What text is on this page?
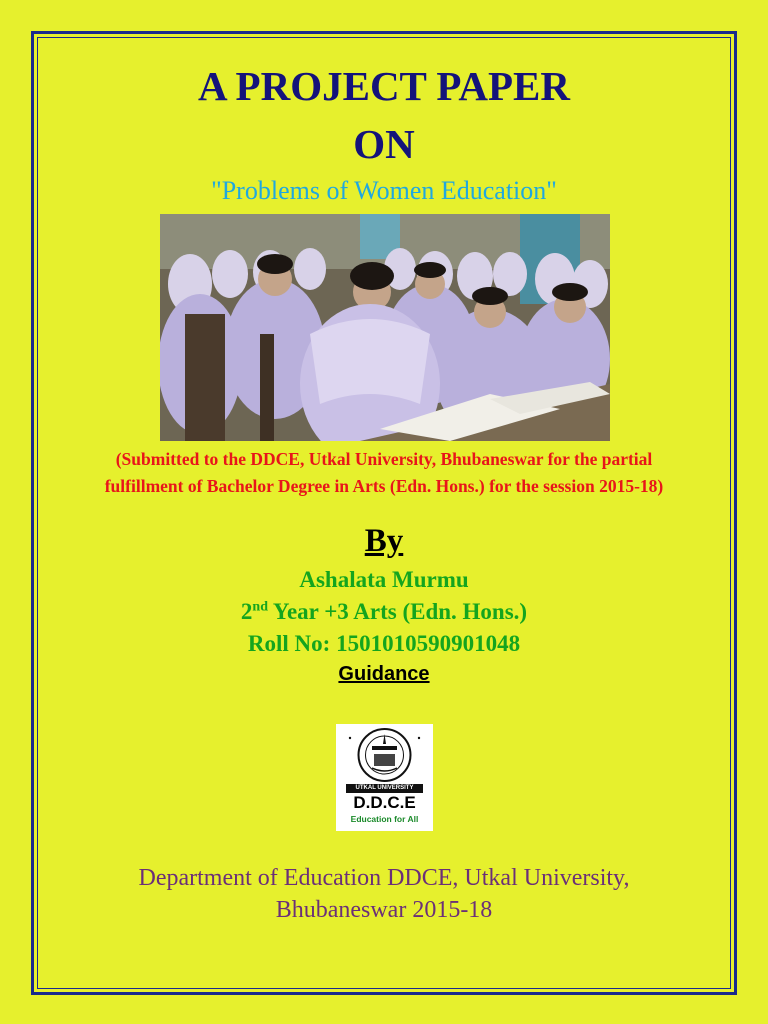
A PROJECT PAPER
ON
"Problems of Women Education"
(Submitted to the DDCE, Utkal University, Bhubaneswar for the partial fulfillment of Bachelor Degree in Arts (Edn. Hons.) for the session 2015-18)
By
Ashalata Murmu
2nd Year +3 Arts (Edn. Hons.)
Roll No: 1501010590901048
Guidance
UTKAL UNIVERSITY
D.D.C.E
Education for All
Department of Education DDCE, Utkal University,
Bhubaneswar 2015-18
